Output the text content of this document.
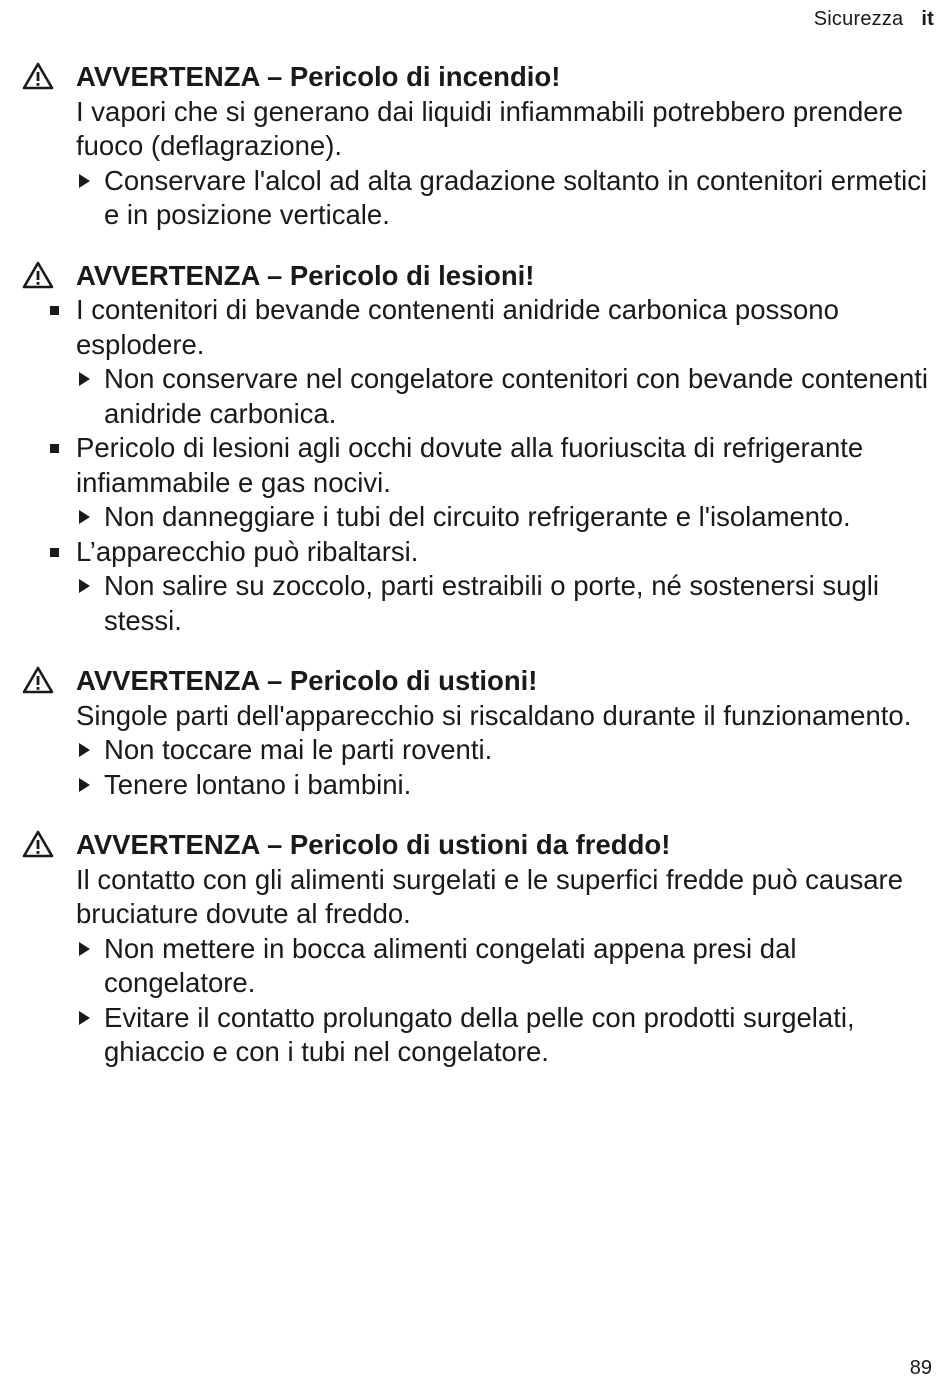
Sicurezza it

AVVERTENZA – Pericolo di incendio!

I vapori che si generano dai liquidi infiammabili potrebbero prendere fuoco (deflagrazione).

Conservare l'alcol ad alta gradazione soltanto in contenitori ermetici e in posizione verticale.

AVVERTENZA – Pericolo di lesioni!

I contenitori di bevande contenenti anidride carbonica possono esplodere.
Non conservare nel congelatore contenitori con bevande contenenti anidride carbonica.
Pericolo di lesioni agli occhi dovute alla fuoriuscita di refrigerante infiammabile e gas nocivi.
Non danneggiare i tubi del circuito refrigerante e l'isolamento.
L’apparecchio può ribaltarsi.
Non salire su zoccolo, parti estraibili o porte, né sostenersi sugli stessi.

AVVERTENZA – Pericolo di ustioni!

Singole parti dell'apparecchio si riscaldano durante il funzionamento.

Non toccare mai le parti roventi.
Tenere lontano i bambini.

AVVERTENZA – Pericolo di ustioni da freddo!

Il contatto con gli alimenti surgelati e le superfici fredde può causare bruciature dovute al freddo.

Non mettere in bocca alimenti congelati appena presi dal congelatore.
Evitare il contatto prolungato della pelle con prodotti surgelati, ghiaccio e con i tubi nel congelatore.
89
